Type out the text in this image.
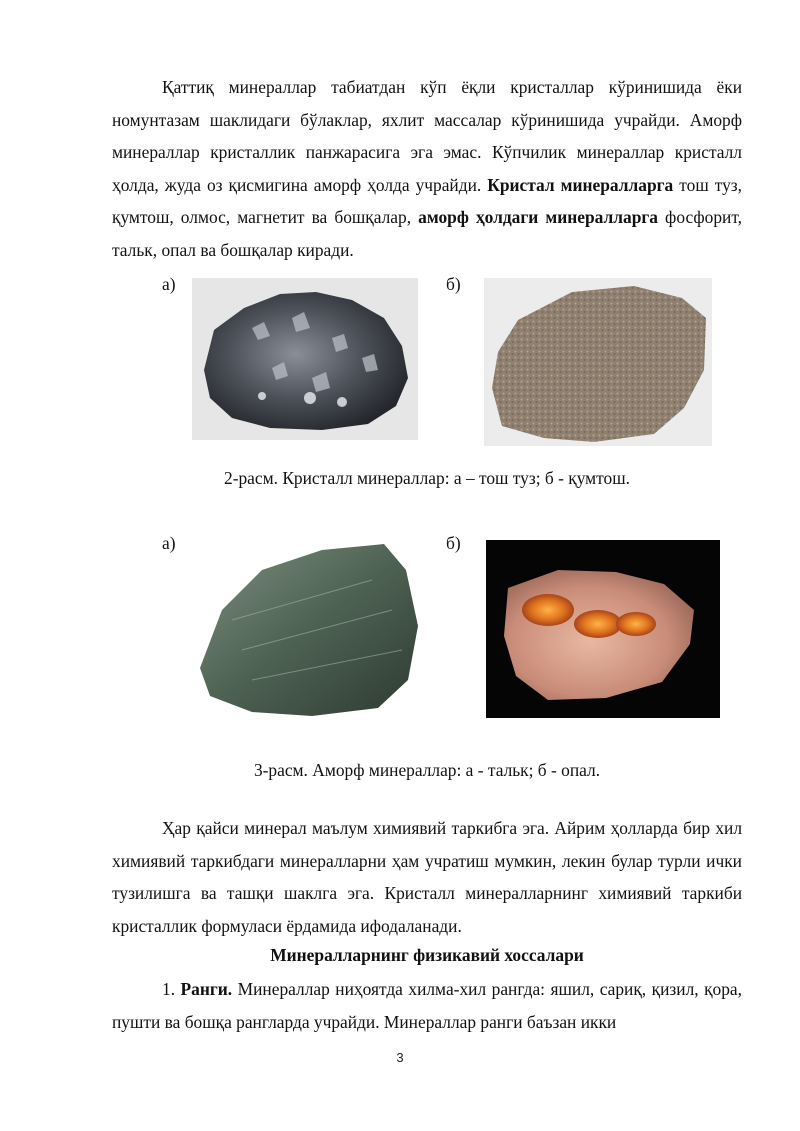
Қаттиқ минераллар табиатдан кўп ёқли кристаллар кўринишида ёки номунтазам шаклидаги бўлаклар, яхлит массалар кўринишида учрайди. Аморф минераллар кристаллик панжарасига эга эмас. Кўпчилик минераллар кристалл ҳолда, жуда оз қисмигина аморф ҳолда учрайди. Кристал минералларга тош туз, қумтош, олмос, магнетит ва бошқалар, аморф ҳолдаги минералларга фосфорит, тальк, опал ва бошқалар киради.

а)	б)
2-расм. Кристалл минераллар: а – тош туз; б - қумтош.
а)	б)
3-расм. Аморф минераллар: а - тальк; б - опал.

Ҳар қайси минерал маълум химиявий таркибга эга. Айрим ҳолларда бир хил химиявий таркибдаги минералларни ҳам учратиш мумкин, лекин булар турли ички тузилишга ва ташқи шаклга эга. Кристалл минералларнинг химиявий таркиби кристаллик формуласи ёрдамида ифодаланади.

Минералларнинг физикавий хоссалари

1. Ранги. Минераллар ниҳоятда хилма-хил рангда: яшил, сариқ, қизил, қора, пушти ва бошқа рангларда учрайди. Минераллар ранги баъзан икки

3
